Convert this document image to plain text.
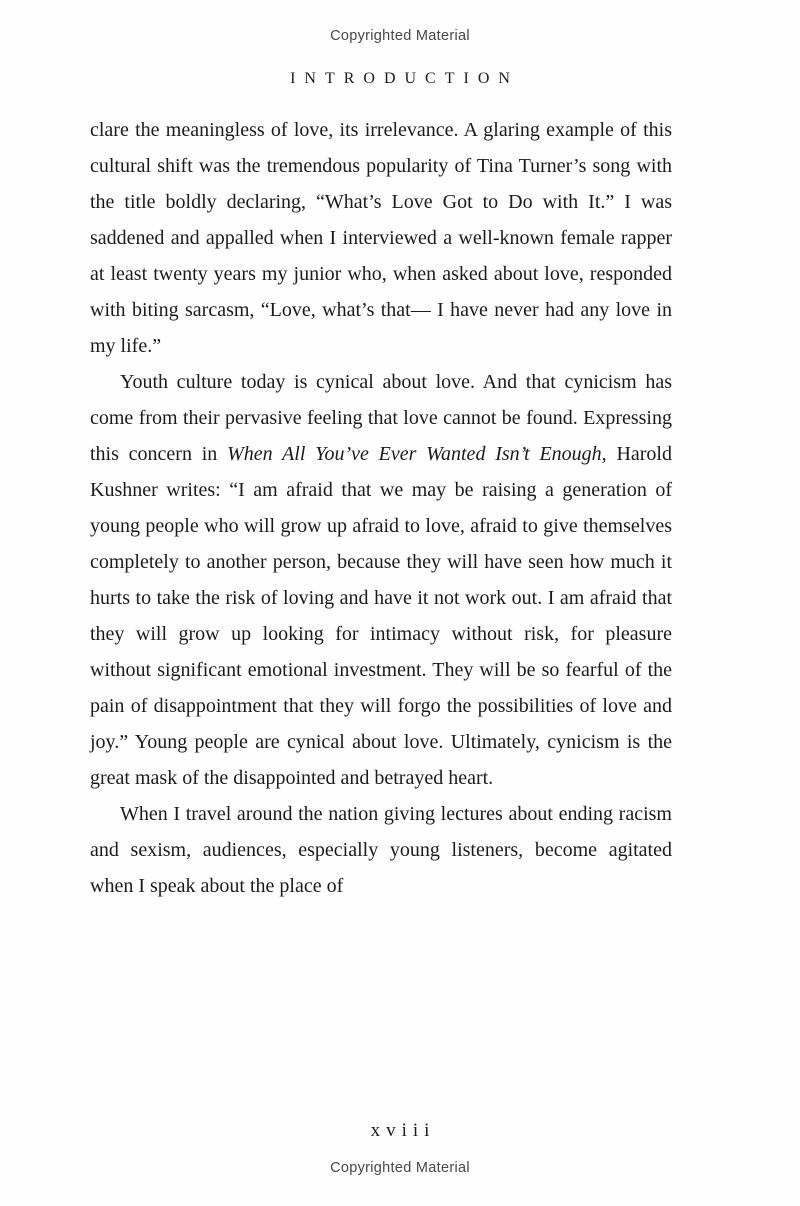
Copyrighted Material
INTRODUCTION

clare the meaningless of love, its irrelevance. A glaring example of this cultural shift was the tremendous popularity of Tina Turner’s song with the title boldly declaring, “What’s Love Got to Do with It.” I was saddened and appalled when I interviewed a well-known female rapper at least twenty years my junior who, when asked about love, responded with biting sarcasm, “Love, what’s that— I have never had any love in my life.”

Youth culture today is cynical about love. And that cynicism has come from their pervasive feeling that love cannot be found. Expressing this concern in When All You’ve Ever Wanted Isn’t Enough, Harold Kushner writes: “I am afraid that we may be raising a generation of young people who will grow up afraid to love, afraid to give themselves completely to another person, because they will have seen how much it hurts to take the risk of loving and have it not work out. I am afraid that they will grow up looking for intimacy without risk, for pleasure without significant emotional investment. They will be so fearful of the pain of disappointment that they will forgo the possibilities of love and joy.” Young people are cynical about love. Ultimately, cynicism is the great mask of the disappointed and betrayed heart.

When I travel around the nation giving lectures about ending racism and sexism, audiences, especially young listeners, become agitated when I speak about the place of

xviii
Copyrighted Material
